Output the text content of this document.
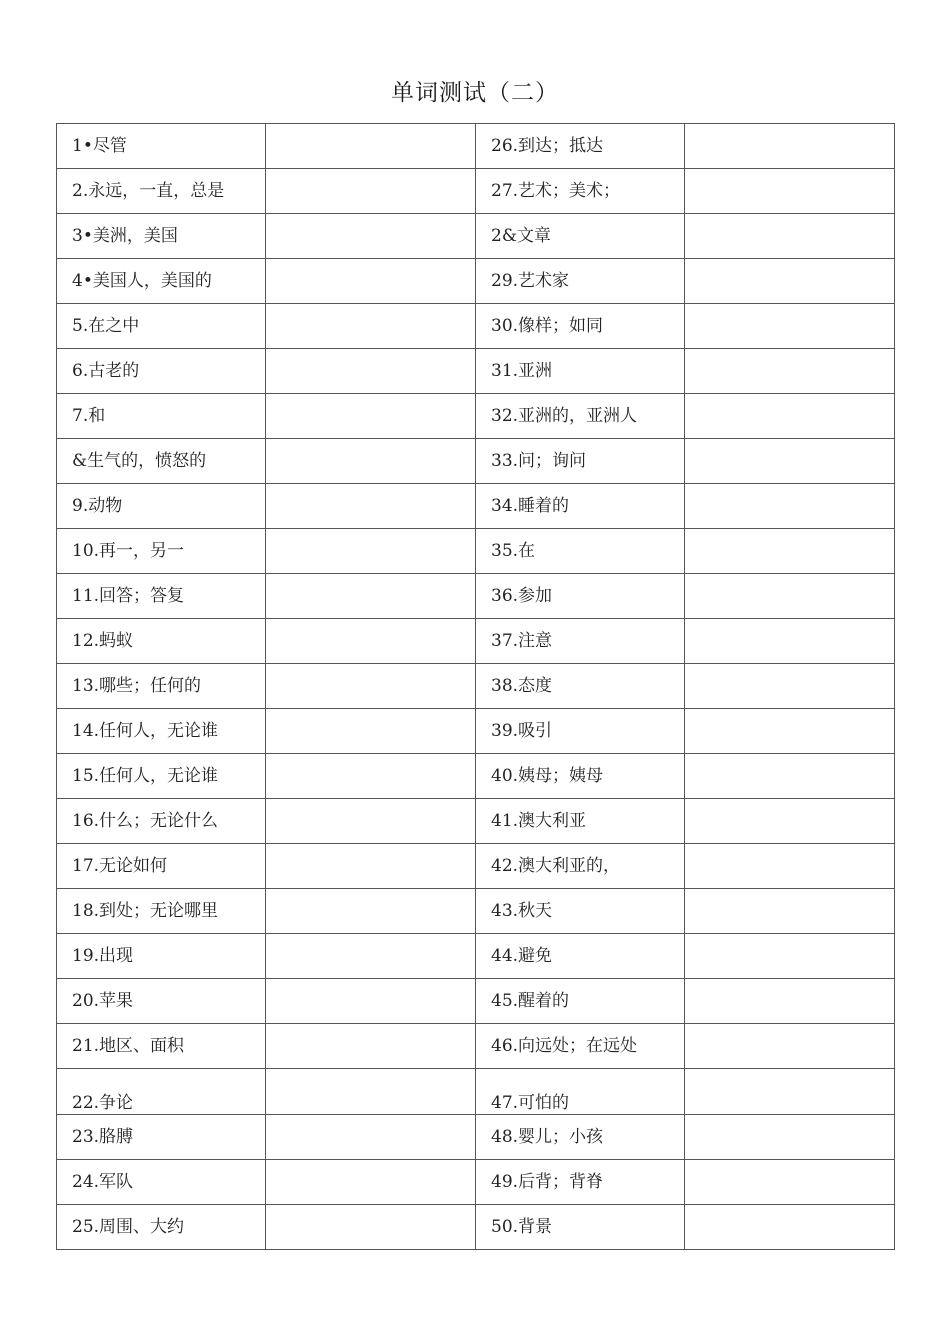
单词测试（二）
1•尽管		26.到达；抵达	
2.永远，一直，总是		27.艺术；美术；	
3•美洲，美国		2&文章	
4•美国人，美国的		29.艺术家	
5.在之中		30.像样；如同	
6.古老的		31.亚洲	
7.和		32.亚洲的，亚洲人	
&生气的，愤怒的		33.问；询问	
9.动物		34.睡着的	
10.再一，另一		35.在	
11.回答；答复		36.参加	
12.蚂蚁		37.注意	
13.哪些；任何的		38.态度	
14.任何人，无论谁		39.吸引	
15.任何人，无论谁		40.姨母；姨母	
16.什么；无论什么		41.澳大利亚	
17.无论如何		42.澳大利亚的，	
18.到处；无论哪里		43.秋天	
19.出现		44.避免	
20.苹果		45.醒着的	
21.地区、面积		46.向远处；在远处	
22.争论		47.可怕的	
23.胳膊		48.婴儿；小孩	
24.军队		49.后背；背脊	
25.周围、大约		50.背景	
